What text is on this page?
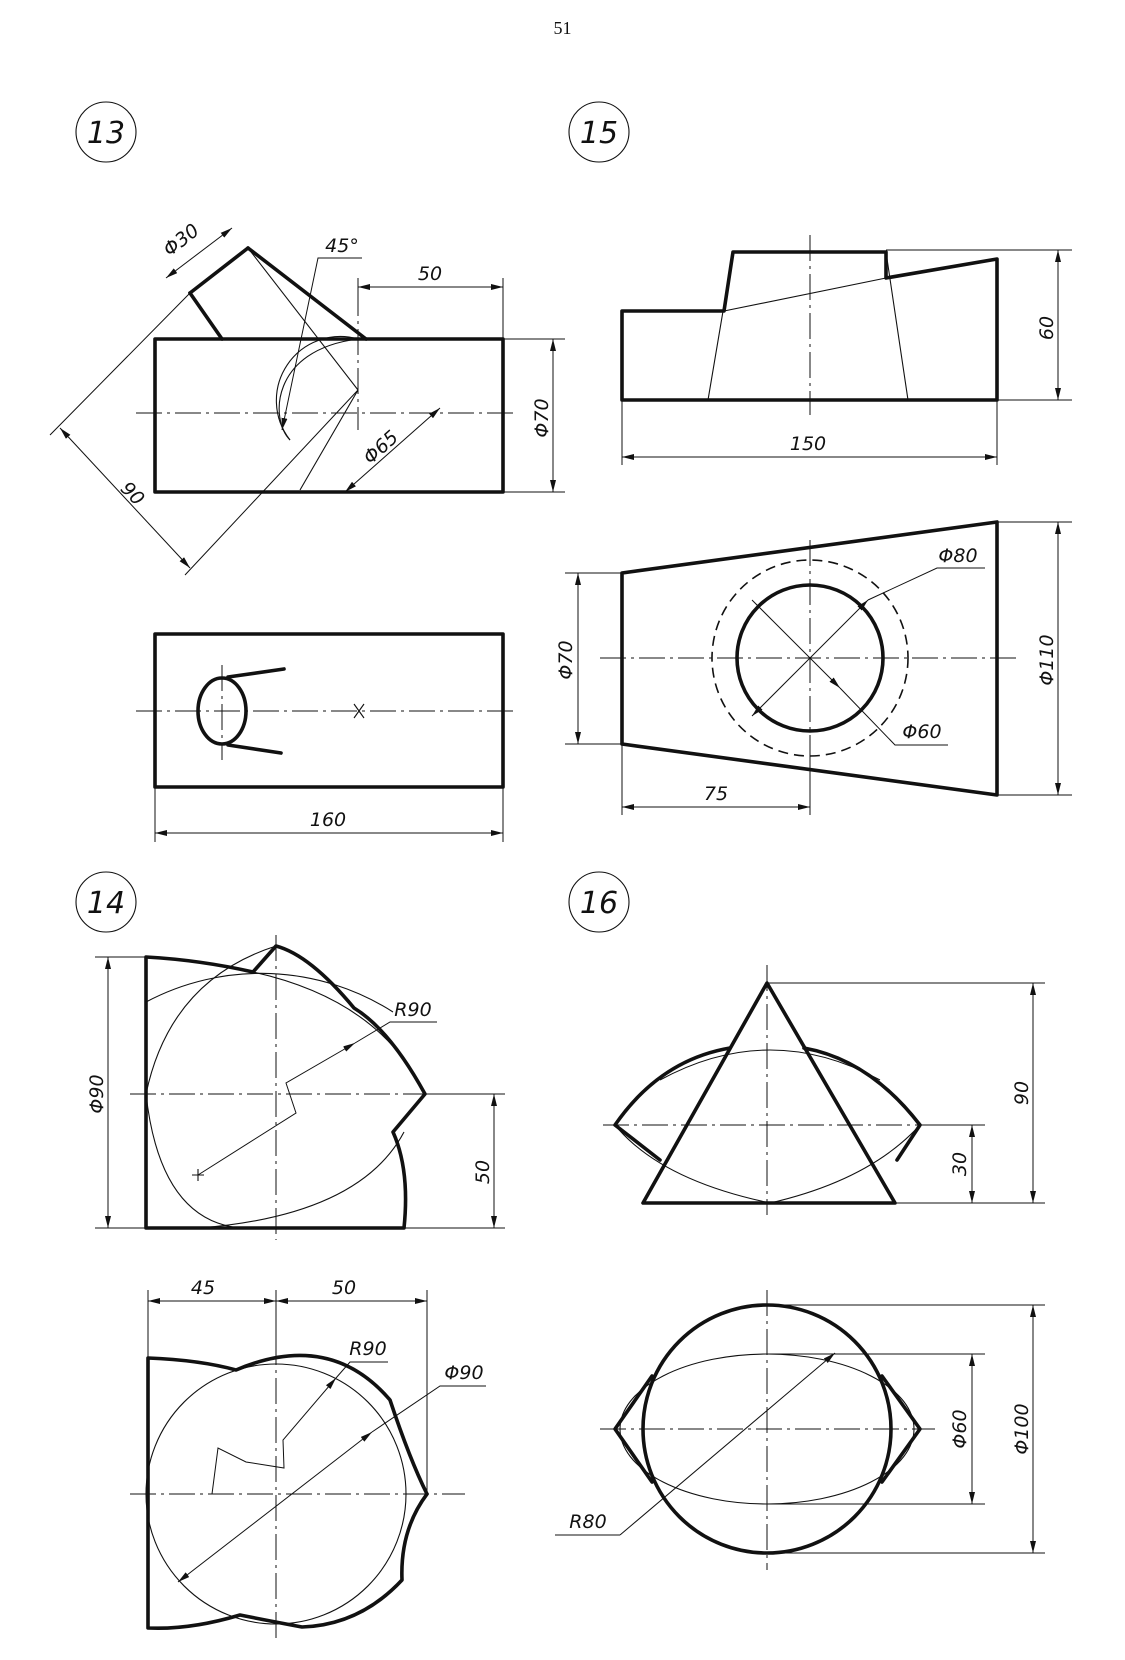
51
13
50
Φ70
Φ30
90
Φ65
45°
160
15
60
150
Φ80
Φ60
Φ70	Φ110
75
14
R90
Φ90
50
45	50
R90
Φ90
16
90
30
Φ100
Φ60
R80
